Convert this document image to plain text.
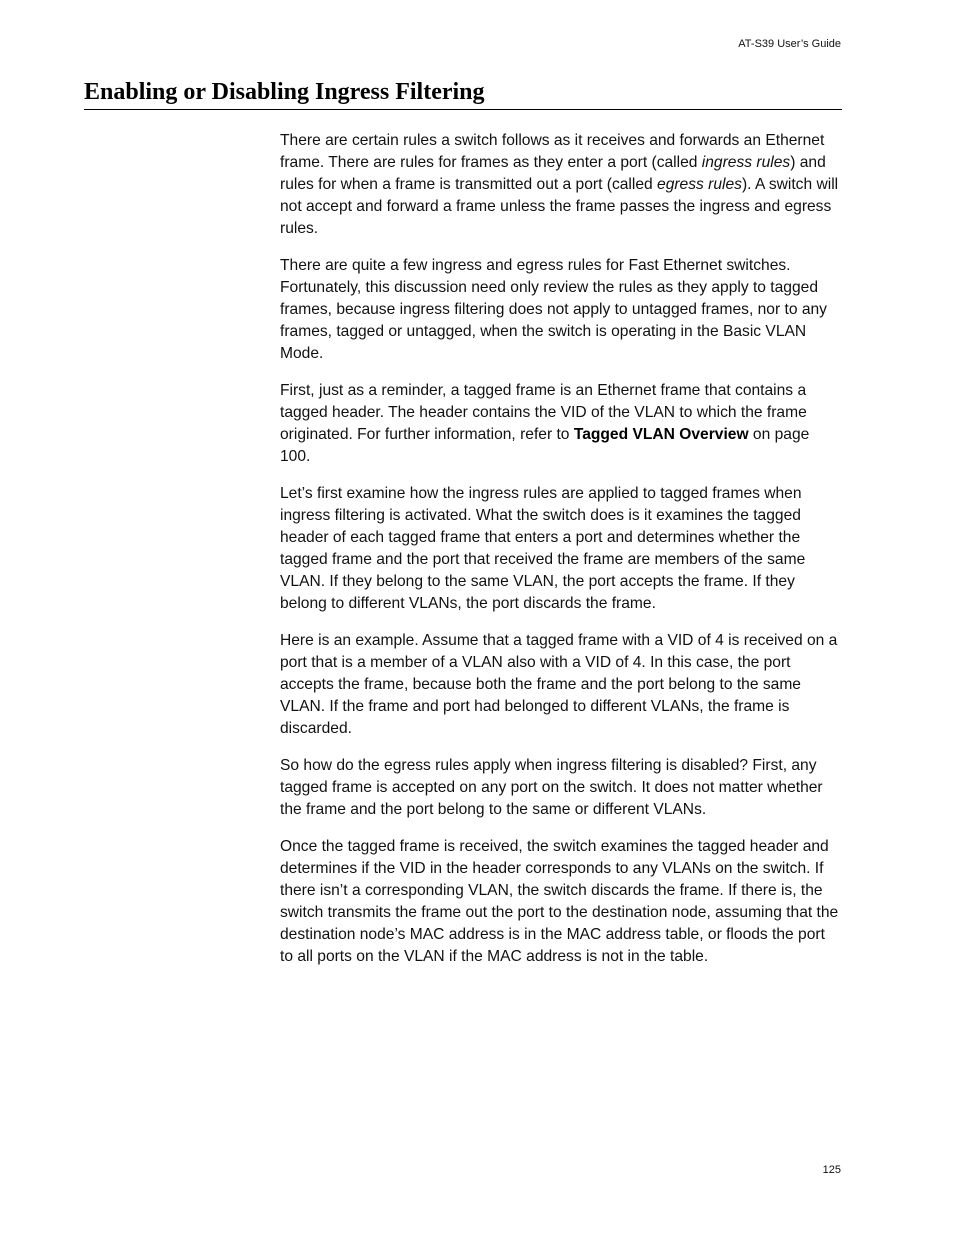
AT-S39 User’s Guide
Enabling or Disabling Ingress Filtering

There are certain rules a switch follows as it receives and forwards an Ethernet frame. There are rules for frames as they enter a port (called ingress rules) and rules for when a frame is transmitted out a port (called egress rules). A switch will not accept and forward a frame unless the frame passes the ingress and egress rules.

There are quite a few ingress and egress rules for Fast Ethernet switches. Fortunately, this discussion need only review the rules as they apply to tagged frames, because ingress filtering does not apply to untagged frames, nor to any frames, tagged or untagged, when the switch is operating in the Basic VLAN Mode.

First, just as a reminder, a tagged frame is an Ethernet frame that contains a tagged header. The header contains the VID of the VLAN to which the frame originated. For further information, refer to Tagged VLAN Overview on page 100.

Let’s first examine how the ingress rules are applied to tagged frames when ingress filtering is activated. What the switch does is it examines the tagged header of each tagged frame that enters a port and determines whether the tagged frame and the port that received the frame are members of the same VLAN. If they belong to the same VLAN, the port accepts the frame. If they belong to different VLANs, the port discards the frame.

Here is an example. Assume that a tagged frame with a VID of 4 is received on a port that is a member of a VLAN also with a VID of 4. In this case, the port accepts the frame, because both the frame and the port belong to the same VLAN. If the frame and port had belonged to different VLANs, the frame is discarded.

So how do the egress rules apply when ingress filtering is disabled? First, any tagged frame is accepted on any port on the switch. It does not matter whether the frame and the port belong to the same or different VLANs.

Once the tagged frame is received, the switch examines the tagged header and determines if the VID in the header corresponds to any VLANs on the switch. If there isn’t a corresponding VLAN, the switch discards the frame. If there is, the switch transmits the frame out the port to the destination node, assuming that the destination node’s MAC address is in the MAC address table, or floods the port to all ports on the VLAN if the MAC address is not in the table.

125
